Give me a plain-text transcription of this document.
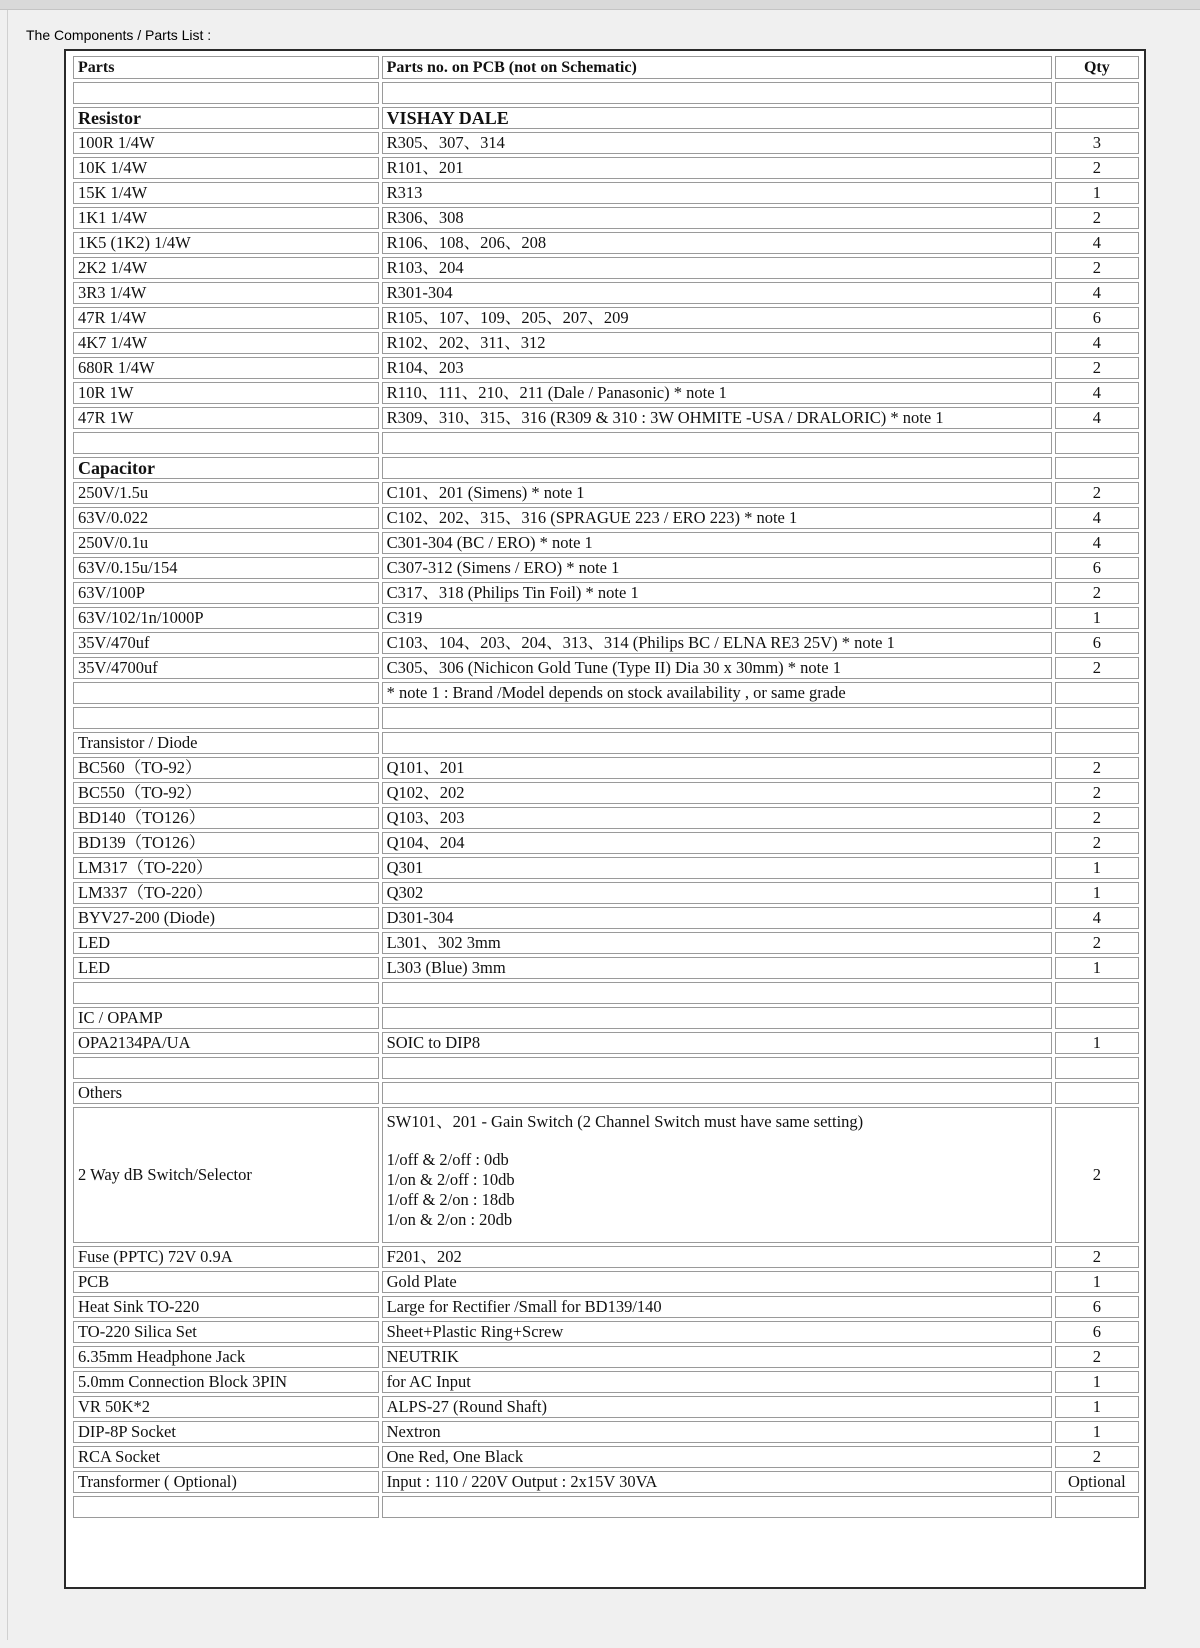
The Components / Parts List :
Parts	Parts no. on PCB (not on Schematic)	Qty

Resistor	VISHAY DALE	
100R 1/4W	R305、307、314	3
10K 1/4W	R101、201	2
15K 1/4W	R313	1
1K1 1/4W	R306、308	2
1K5 (1K2) 1/4W	R106、108、206、208	4
2K2 1/4W	R103、204	2
3R3 1/4W	R301-304	4
47R 1/4W	R105、107、109、205、207、209	6
4K7 1/4W	R102、202、311、312	4
680R 1/4W	R104、203	2
10R 1W	R110、111、210、211 (Dale / Panasonic) * note 1	4
47R 1W	R309、310、315、316 (R309 & 310 : 3W OHMITE -USA / DRALORIC) * note 1	4

Capacitor		
250V/1.5u	C101、201 (Simens) * note 1	2
63V/0.022	C102、202、315、316 (SPRAGUE 223 / ERO 223) * note 1	4
250V/0.1u	C301-304 (BC / ERO) * note 1	4
63V/0.15u/154	C307-312 (Simens / ERO) * note 1	6
63V/100P	C317、318 (Philips Tin Foil) * note 1	2
63V/102/1n/1000P	C319	1
35V/470uf	C103、104、203、204、313、314 (Philips BC / ELNA RE3 25V) * note 1	6
35V/4700uf	C305、306 (Nichicon Gold Tune (Type II) Dia 30 x 30mm) * note 1	2
	* note 1 : Brand /Model depends on stock availability , or same grade	

Transistor / Diode		
BC560（TO-92）	Q101、201	2
BC550（TO-92）	Q102、202	2
BD140（TO126）	Q103、203	2
BD139（TO126）	Q104、204	2
LM317（TO-220）	Q301	1
LM337（TO-220）	Q302	1
BYV27-200 (Diode)	D301-304	4
LED	L301、302 3mm	2
LED	L303 (Blue) 3mm	1

IC / OPAMP		
OPA2134PA/UA	SOIC to DIP8	1

Others		
2 Way dB Switch/Selector	SW101、201 - Gain Switch (2 Channel Switch must have same setting)
1/off & 2/off : 0db
1/on & 2/off : 10db
1/off & 2/on : 18db
1/on & 2/on : 20db	2
Fuse (PPTC) 72V 0.9A	F201、202	2
PCB	Gold Plate	1
Heat Sink TO-220	Large for Rectifier /Small for BD139/140	6
TO-220 Silica Set	Sheet+Plastic Ring+Screw	6
6.35mm Headphone Jack	NEUTRIK	2
5.0mm Connection Block 3PIN	for AC Input	1
VR 50K*2	ALPS-27 (Round Shaft)	1
DIP-8P Socket	Nextron	1
RCA Socket	One Red, One Black	2
Transformer ( Optional)	Input : 110 / 220V Output : 2x15V 30VA	Optional
